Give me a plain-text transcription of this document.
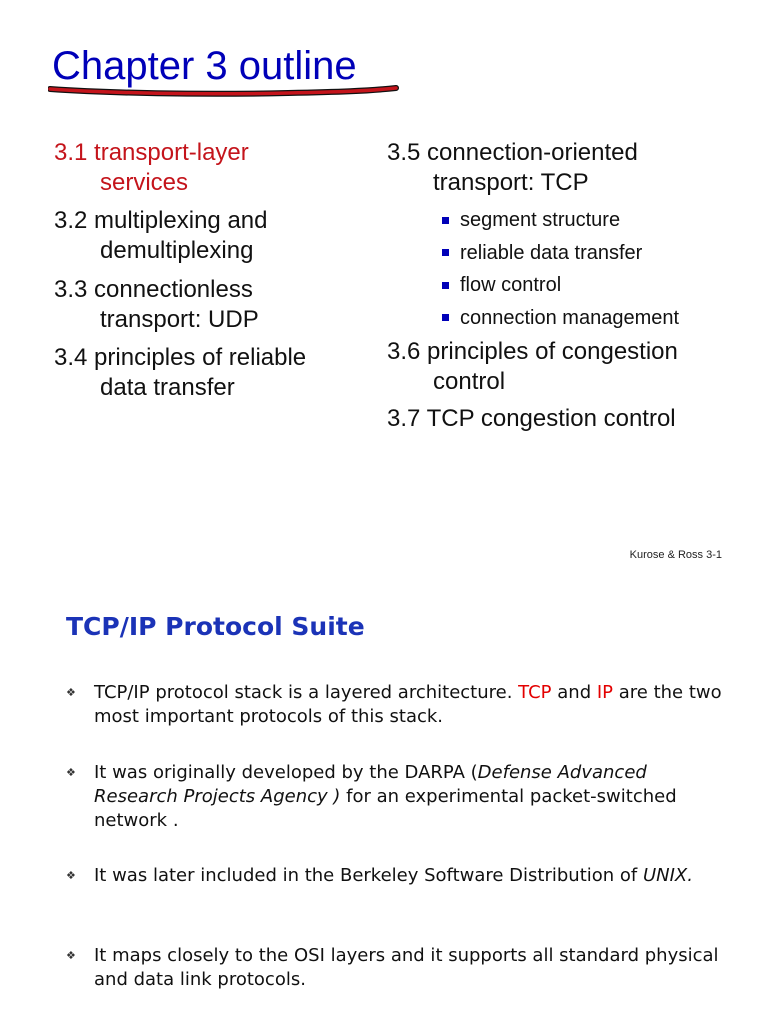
Chapter 3 outline
3.1 transport-layer
services
3.2 multiplexing and
demultiplexing
3.3 connectionless
transport: UDP
3.4 principles of reliable
data transfer
3.5 connection-oriented
transport: TCP
segment structure
reliable data transfer
flow control
connection management
3.6 principles of congestion
control
3.7 TCP congestion control
Kurose & Ross 3-1
TCP/IP Protocol Suite
❖ TCP/IP protocol stack is a layered architecture. TCP and IP are the two most important protocols of this stack.
❖ It was originally developed by the DARPA (Defense Advanced Research Projects Agency ) for an experimental packet-switched network .
❖ It was later included in the Berkeley Software Distribution of UNIX.
❖ It maps closely to the OSI layers and it supports all standard physical and data link protocols.
